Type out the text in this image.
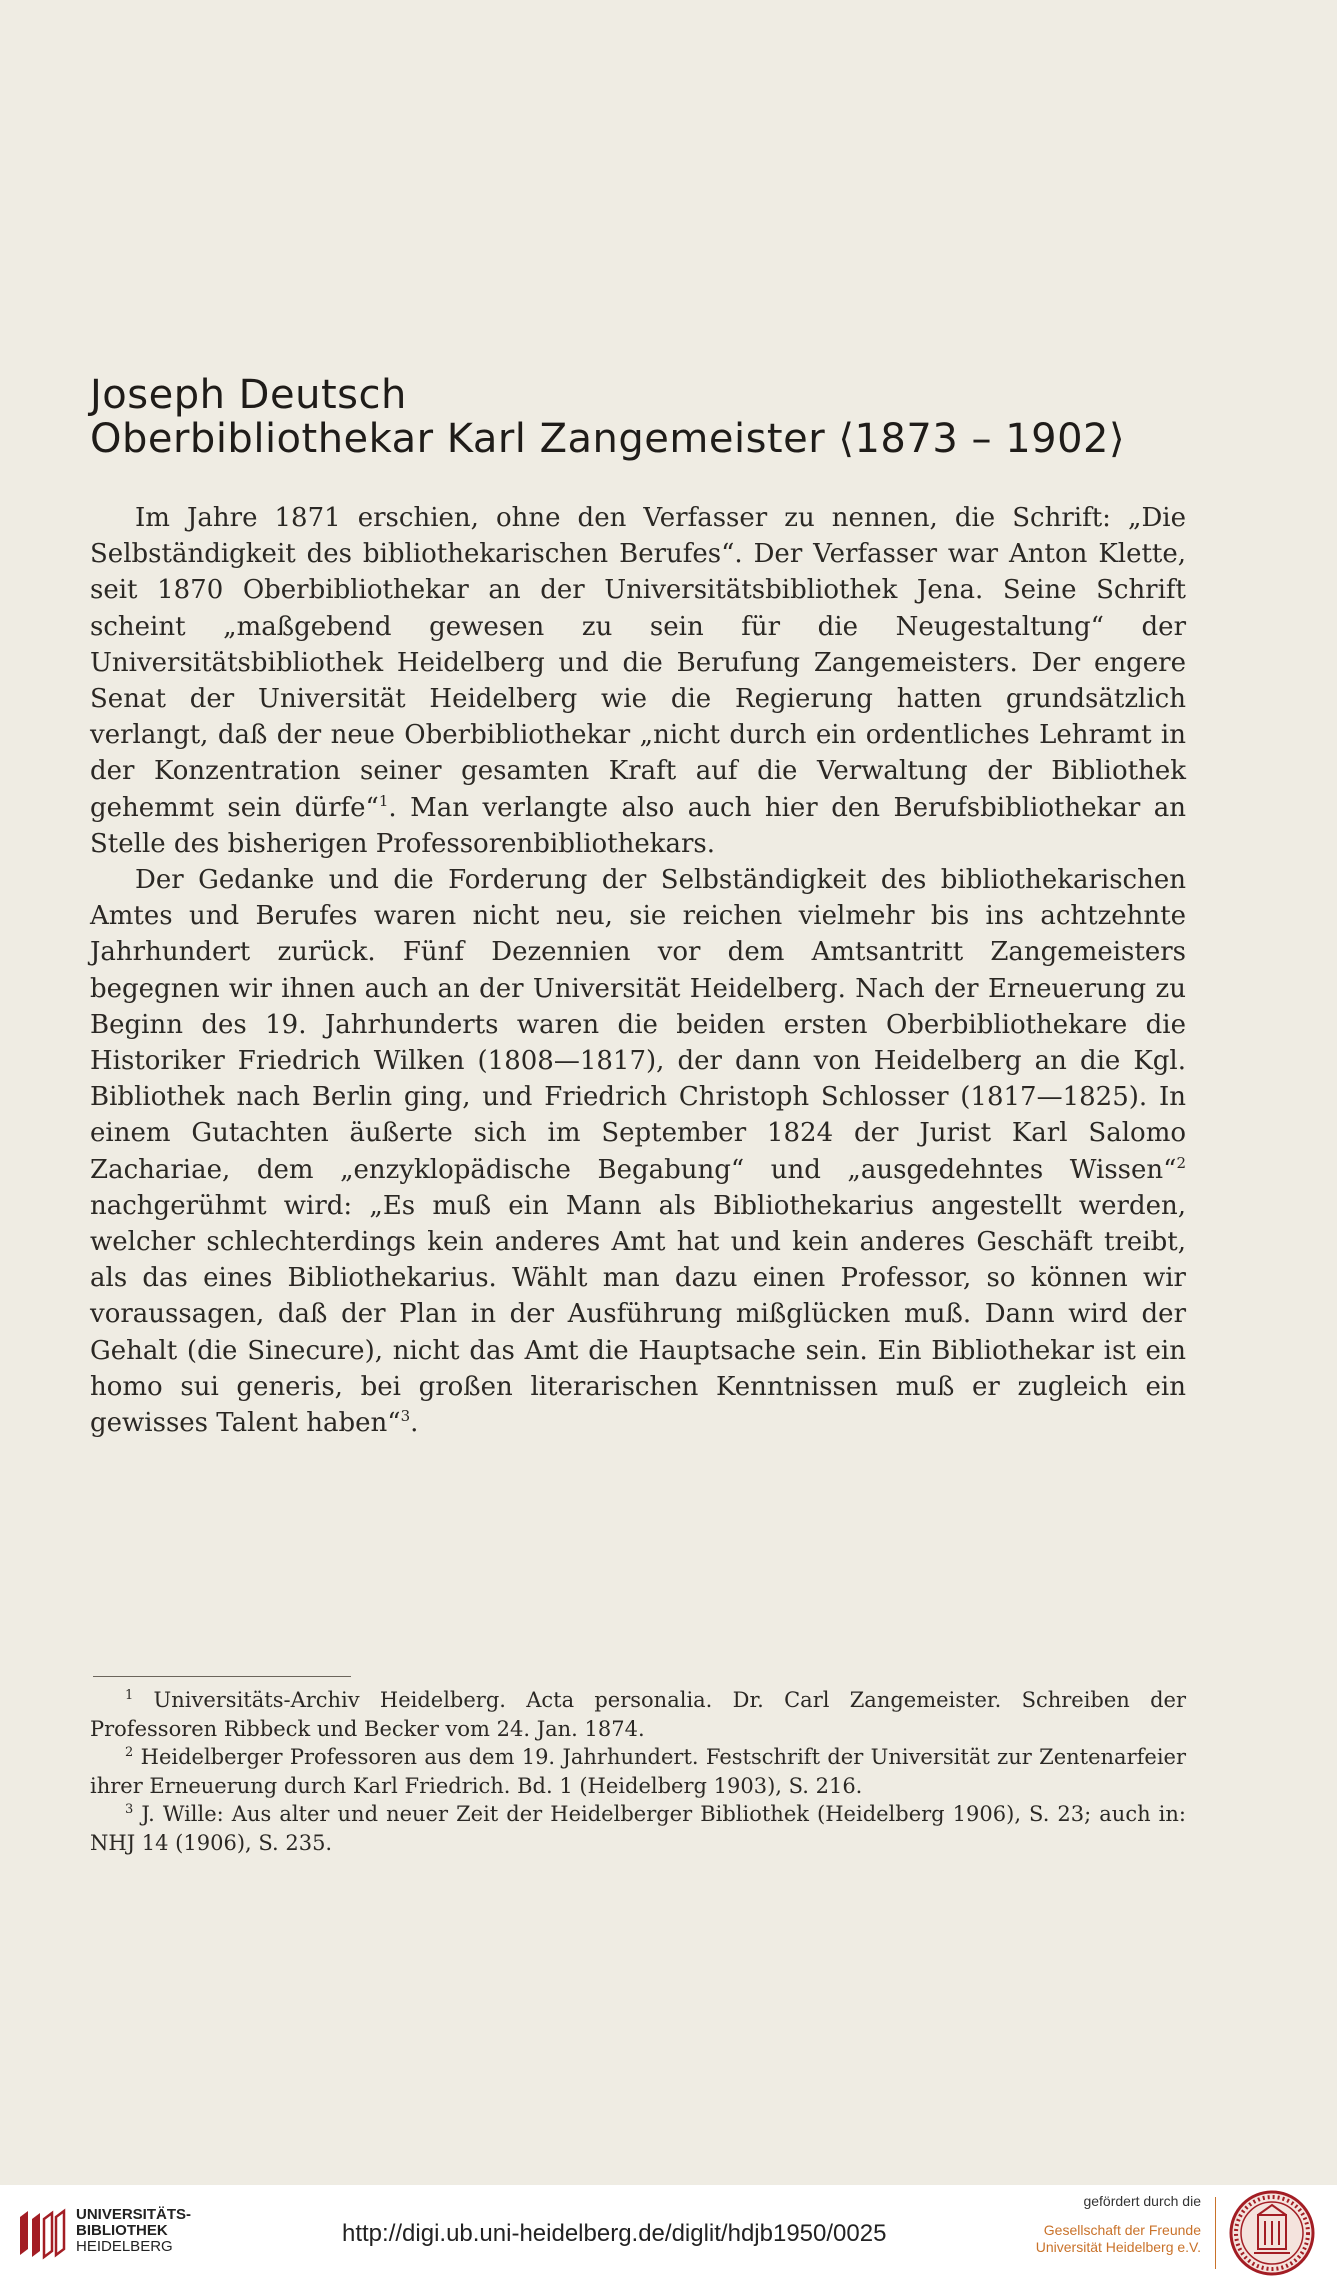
Joseph Deutsch
Oberbibliothekar Karl Zangemeister ⟨1873 – 1902⟩

Im Jahre 1871 erschien, ohne den Verfasser zu nennen, die Schrift: „Die Selbständigkeit des bibliothekarischen Berufes“. Der Verfasser war Anton Klette, seit 1870 Oberbibliothekar an der Universitätsbibliothek Jena. Seine Schrift scheint „maßgebend gewesen zu sein für die Neugestaltung“ der Universitätsbibliothek Heidelberg und die Berufung Zangemeisters. Der engere Senat der Universität Heidelberg wie die Regierung hatten grundsätzlich verlangt, daß der neue Oberbibliothekar „nicht durch ein ordentliches Lehramt in der Konzentration seiner gesamten Kraft auf die Verwaltung der Bibliothek gehemmt sein dürfe“$^1$. Man verlangte also auch hier den Berufsbibliothekar an Stelle des bisherigen Professorenbibliothekars.

Der Gedanke und die Forderung der Selbständigkeit des bibliothekarischen Amtes und Berufes waren nicht neu, sie reichen vielmehr bis ins achtzehnte Jahrhundert zurück. Fünf Dezennien vor dem Amtsantritt Zangemeisters begegnen wir ihnen auch an der Universität Heidelberg. Nach der Erneuerung zu Beginn des 19. Jahrhunderts waren die beiden ersten Oberbibliothekare die Historiker Friedrich Wilken (1808—1817), der dann von Heidelberg an die Kgl. Bibliothek nach Berlin ging, und Friedrich Christoph Schlosser (1817—1825). In einem Gutachten äußerte sich im September 1824 der Jurist Karl Salomo Zachariae, dem „enzyklopädische Begabung“ und „ausgedehntes Wissen“$^2$ nachgerühmt wird: „Es muß ein Mann als Bibliothekarius angestellt werden, welcher schlechterdings kein anderes Amt hat und kein anderes Geschäft treibt, als das eines Bibliothekarius. Wählt man dazu einen Professor, so können wir voraussagen, daß der Plan in der Ausführung mißglücken muß. Dann wird der Gehalt (die Sinecure), nicht das Amt die Hauptsache sein. Ein Bibliothekar ist ein homo sui generis, bei großen literarischen Kenntnissen muß er zugleich ein gewisses Talent haben“$^3$.

$^1$ Universitäts-Archiv Heidelberg. Acta personalia. Dr. Carl Zangemeister. Schreiben der Professoren Ribbeck und Becker vom 24. Jan. 1874.

$^2$ Heidelberger Professoren aus dem 19. Jahrhundert. Festschrift der Universität zur Zentenarfeier ihrer Erneuerung durch Karl Friedrich. Bd. 1 (Heidelberg 1903), S. 216.

$^3$ J. Wille: Aus alter und neuer Zeit der Heidelberger Bibliothek (Heidelberg 1906), S. 23; auch in: NHJ 14 (1906), S. 235.

UNIVERSITÄTS-
BIBLIOTHEK
HEIDELBERG	http://digi.ub.uni-heidelberg.de/diglit/hdjb1950/0025
gefördert durch die
Gesellschaft der Freunde
Universität Heidelberg e.V.
